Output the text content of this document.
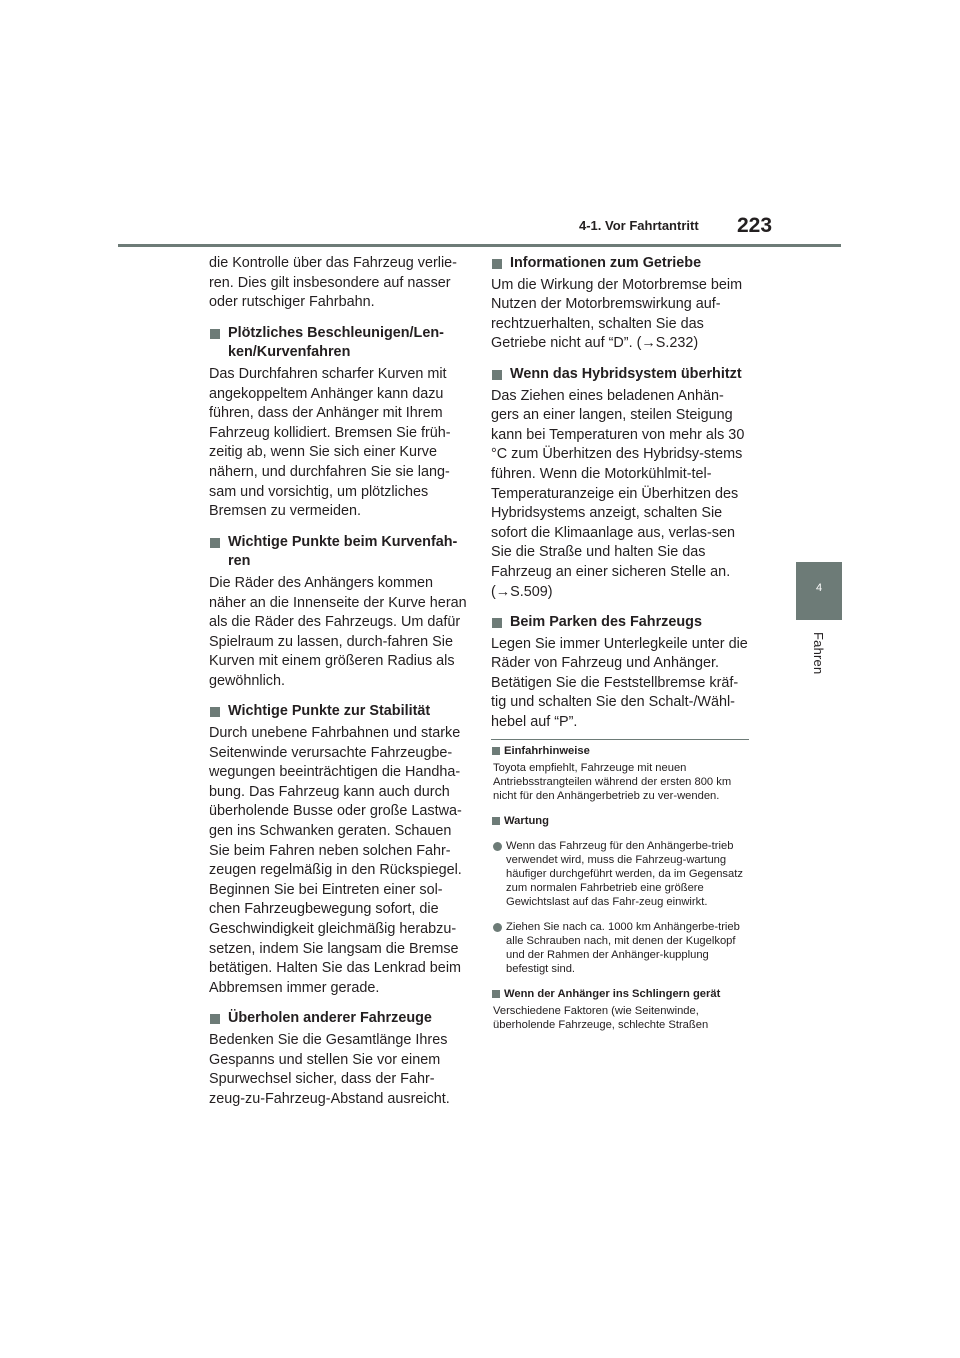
4-1. Vor Fahrtantritt 223
4
Fahren

die Kontrolle über das Fahrzeug verlie-ren. Dies gilt insbesondere auf nasser oder rutschiger Fahrbahn.

Plötzliches Beschleunigen/Len-ken/Kurvenfahren

Das Durchfahren scharfer Kurven mit angekoppeltem Anhänger kann dazu führen, dass der Anhänger mit Ihrem Fahrzeug kollidiert. Bremsen Sie früh-zeitig ab, wenn Sie sich einer Kurve nähern, und durchfahren Sie sie lang-sam und vorsichtig, um plötzliches Bremsen zu vermeiden.

Wichtige Punkte beim Kurvenfah-ren

Die Räder des Anhängers kommen näher an die Innenseite der Kurve heran als die Räder des Fahrzeugs. Um dafür Spielraum zu lassen, durch-fahren Sie Kurven mit einem größeren Radius als gewöhnlich.

Wichtige Punkte zur Stabilität

Durch unebene Fahrbahnen und starke Seitenwinde verursachte Fahrzeugbe-wegungen beeinträchtigen die Handha-bung. Das Fahrzeug kann auch durch überholende Busse oder große Lastwa-gen ins Schwanken geraten. Schauen Sie beim Fahren neben solchen Fahr-zeugen regelmäßig in den Rückspiegel. Beginnen Sie bei Eintreten einer sol-chen Fahrzeugbewegung sofort, die Geschwindigkeit gleichmäßig herabzu-setzen, indem Sie langsam die Bremse betätigen. Halten Sie das Lenkrad beim Abbremsen immer gerade.

Überholen anderer Fahrzeuge

Bedenken Sie die Gesamtlänge Ihres Gespanns und stellen Sie vor einem Spurwechsel sicher, dass der Fahr-zeug-zu-Fahrzeug-Abstand ausreicht.

Informationen zum Getriebe

Um die Wirkung der Motorbremse beim Nutzen der Motorbremswirkung auf-rechtzuerhalten, schalten Sie das Getriebe nicht auf “D”. (→S.232)

Wenn das Hybridsystem überhitzt

Das Ziehen eines beladenen Anhän-gers an einer langen, steilen Steigung kann bei Temperaturen von mehr als 30 °C zum Überhitzen des Hybridsy-stems führen. Wenn die Motorkühlmit-tel-Temperaturanzeige ein Überhitzen des Hybridsystems anzeigt, schalten Sie sofort die Klimaanlage aus, verlas-sen Sie die Straße und halten Sie das Fahrzeug an einer sicheren Stelle an. (→S.509)

Beim Parken des Fahrzeugs

Legen Sie immer Unterlegkeile unter die Räder von Fahrzeug und Anhänger. Betätigen Sie die Feststellbremse kräf-tig und schalten Sie den Schalt-/Wähl-hebel auf “P”.

Einfahrhinweise

Toyota empfiehlt, Fahrzeuge mit neuen Antriebsstrangteilen während der ersten 800 km nicht für den Anhängerbetrieb zu ver-wenden.

Wartung

Wenn das Fahrzeug für den Anhängerbe-trieb verwendet wird, muss die Fahrzeug-wartung häufiger durchgeführt werden, da im Gegensatz zum normalen Fahrbetrieb eine größere Gewichtslast auf das Fahr-zeug einwirkt.

Ziehen Sie nach ca. 1000 km Anhängerbe-trieb alle Schrauben nach, mit denen der Kugelkopf und der Rahmen der Anhänger-kupplung befestigt sind.

Wenn der Anhänger ins Schlingern gerät

Verschiedene Faktoren (wie Seitenwinde, überholende Fahrzeuge, schlechte Straßen
